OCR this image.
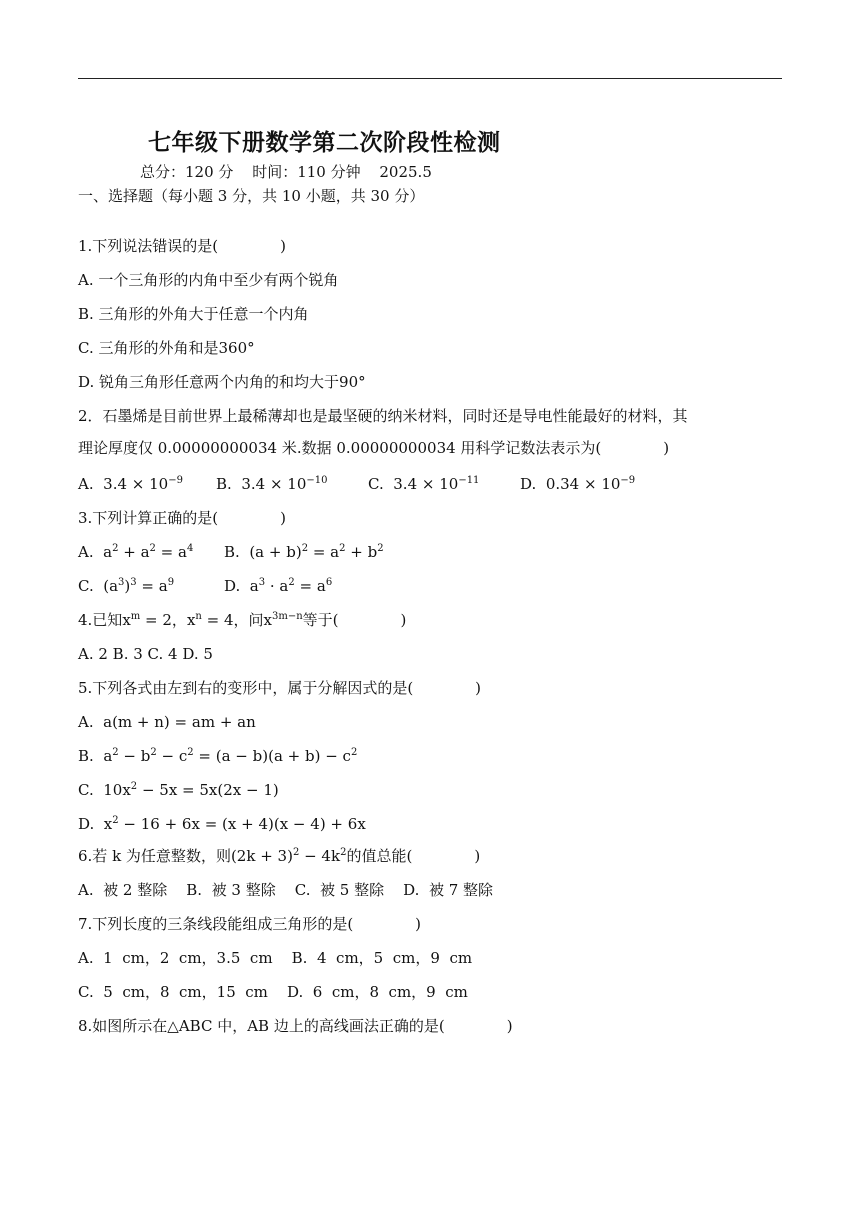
七年级下册数学第二次阶段性检测
总分：120 分 时间：110 分钟 2025.5
一、选择题（每小题 3 分，共 10 小题，共 30 分）
1.下列说法错误的是(	)
A. 一个三角形的内角中至少有两个锐角
B. 三角形的外角大于任意一个内角
C. 三角形的外角和是360°
D. 锐角三角形任意两个内角的和均大于90°
2．石墨烯是目前世界上最稀薄却也是最坚硬的纳米材料，同时还是导电性能最好的材料，其
理论厚度仅 0.00000000034 米.数据 0.00000000034 用科学记数法表示为(	)
A. $3.4 \times 10^{-9}$ B. $3.4 \times 10^{-10}$	C. $3.4 \times 10^{-11}$	D. $0.34 \times 10^{-9}$
3.下列计算正确的是(	)
A.  $a^2 + a^2 = a^4$ B.  $(a + b)^2 = a^2 + b^2$
C.  $(a^3)^3 = a^9$	D.  $a^3 \cdot a^2 = a^6$
4.已知$x^m = 2$，$x^n = 4$，问$x^{3m-n}$等于(	)
A. 2 B. 3 C. 4 D. 5
5.下列各式由左到右的变形中，属于分解因式的是(	)
A.  a(m + n) = am + an
B.  $a^2 - b^2 - c^2 = (a - b)(a + b) - c^2$
C.  $10x^2 - 5x = 5x(2x - 1)$
D.  $x^2 - 16 + 6x = (x + 4)(x - 4) + 6x$
6.若 k 为任意整数，则$(2k + 3)^2 - 4k^2$的值总能(	)
A.  被 2 整除    B.  被 3 整除    C.  被 5 整除    D.  被 7 整除
7.下列长度的三条线段能组成三角形的是(	)
A.  1  cm，2  cm，3.5  cm    B.  4  cm，5  cm，9  cm
C.  5  cm，8  cm，15  cm    D.  6  cm，8  cm，9  cm
8.如图所示在△ABC 中，AB 边上的高线画法正确的是(	)
